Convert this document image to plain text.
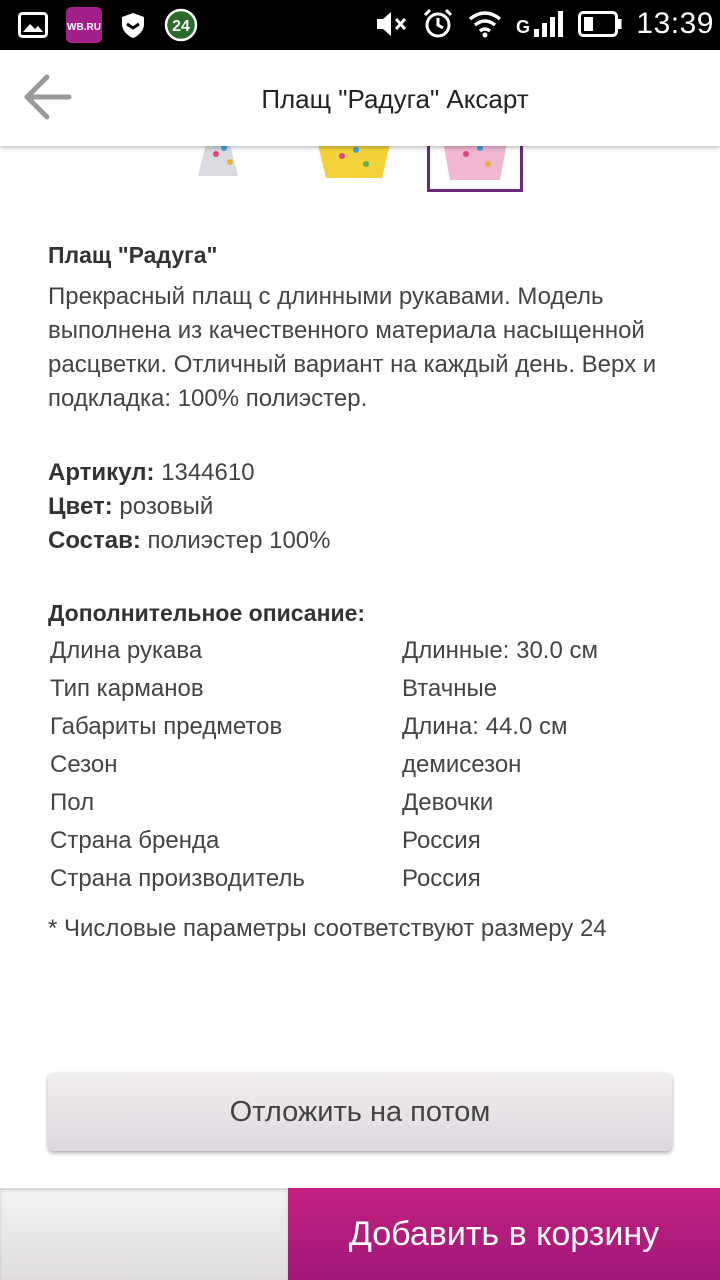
WB.RU	24	G	13:39
Плащ "Радуга" Аксарт
Плащ "Радуга"

Прекрасный плащ с длинными рукавами. Модель выполнена из качественного материала насыщенной расцветки. Отличный вариант на каждый день. Верх и подкладка: 100% полиэстер.

Артикул: 1344610
Цвет: розовый
Состав: полиэстер 100%
Дополнительное описание:
Длина рукава	Длинные: 30.0 см
Тип карманов	Втачные
Габариты предметов	Длина: 44.0 см
Сезон	демисезон
Пол	Девочки
Страна бренда	Россия
Страна производитель	Россия
* Числовые параметры соответствуют размеру 24
Отложить на потом
Добавить в корзину
